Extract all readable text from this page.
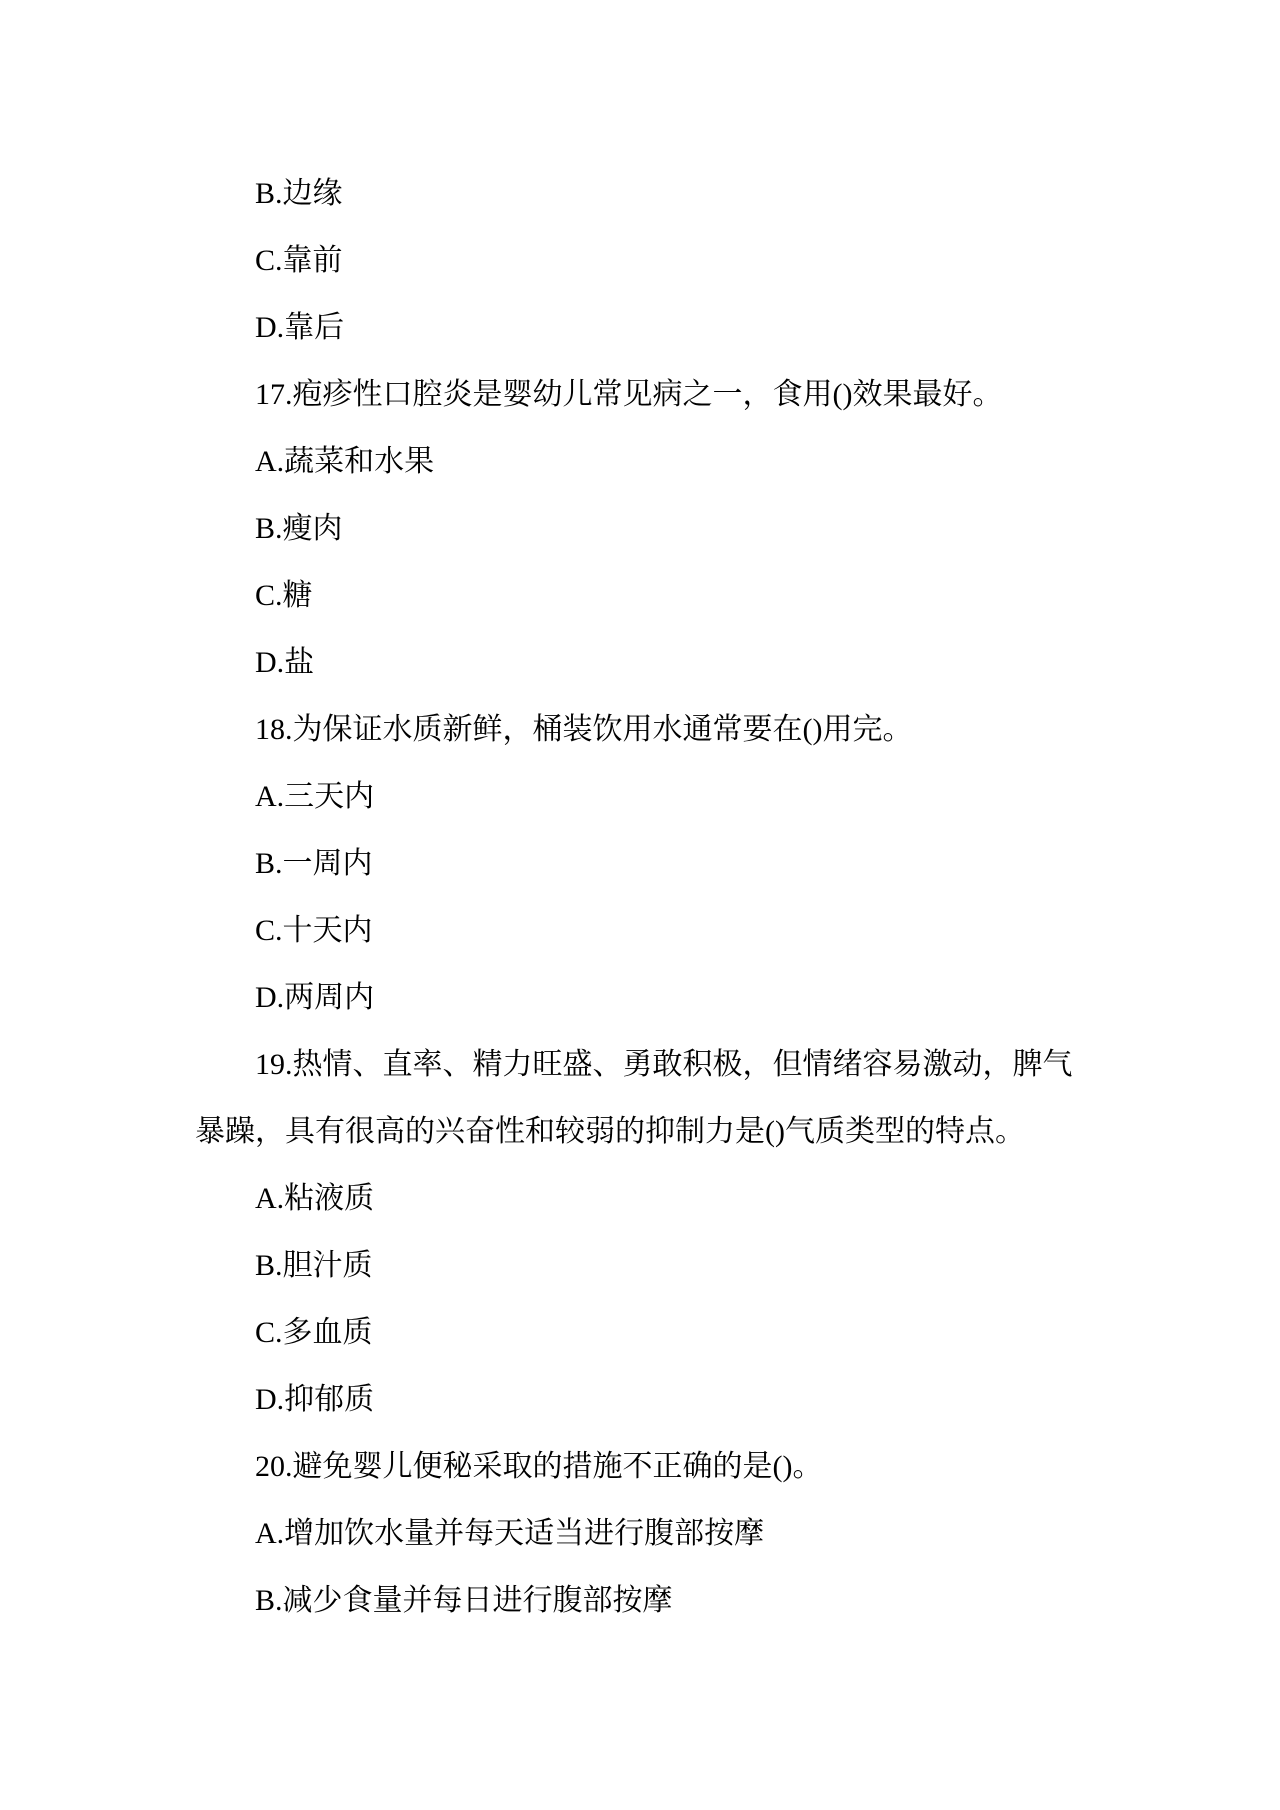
B.边缘
C.靠前
D.靠后
17.疱疹性口腔炎是婴幼儿常见病之一，食用()效果最好。
A.蔬菜和水果
B.瘦肉
C.糖
D.盐
18.为保证水质新鲜，桶装饮用水通常要在()用完。
A.三天内
B.一周内
C.十天内
D.两周内
19.热情、直率、精力旺盛、勇敢积极，但情绪容易激动，脾气
暴躁，具有很高的兴奋性和较弱的抑制力是()气质类型的特点。
A.粘液质
B.胆汁质
C.多血质
D.抑郁质
20.避免婴儿便秘采取的措施不正确的是()。
A.增加饮水量并每天适当进行腹部按摩
B.减少食量并每日进行腹部按摩
